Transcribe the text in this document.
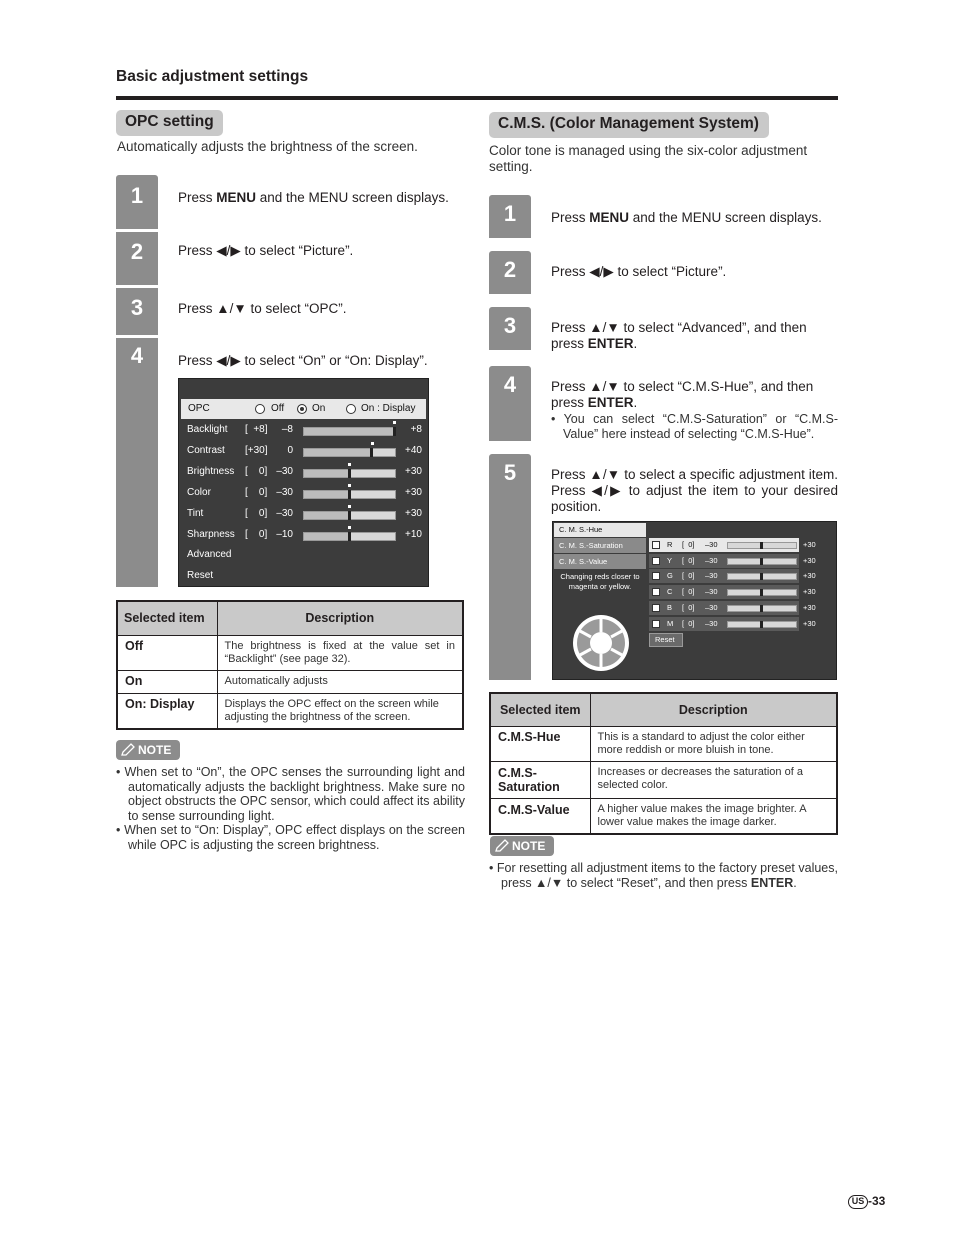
Basic adjustment settings
OPC setting
Automatically adjusts the brightness of the screen.
1
2
3
4
Press MENU and the MENU screen displays.
Press ◀/▶ to select “Picture”.
Press ▲/▼ to select “OPC”.
Press ◀/▶ to select “On” or “On: Display”.
OPC	Off	On	On : Display
Backlight [  +8]	–8	+8
Contrast [+30]	0	+40
Brightness [    0] –30	+30
Color	[    0] –30	+30
Tint	[    0] –30	+30
Sharpness [    0] –10	+10
Advanced
Reset
Selected item	Description
Off	The brightness is fixed at the value set in “Backlight” (see page 32).
On	Automatically adjusts
On: Display	Displays the OPC effect on the screen while adjusting the brightness of the screen.
NOTE
• When set to “On”, the OPC senses the surrounding light and automatically adjusts the backlight brightness. Make sure no object obstructs the OPC sensor, which could affect its ability to sense surrounding light.
• When set to “On: Display”, OPC effect displays on the screen while OPC is adjusting the screen brightness.
C.M.S. (Color Management System)
Color tone is managed using the six-color adjustment setting.
1
2
3
4
5
Press MENU and the MENU screen displays.
Press ◀/▶ to select “Picture”.
Press ▲/▼ to select “Advanced”, and then press ENTER.
Press ▲/▼ to select “C.M.S-Hue”, and then press ENTER.
• You can select “C.M.S-Saturation” or “C.M.S-Value” here instead of selecting “C.M.S-Hue”.
Press ▲/▼ to select a specific adjustment item. Press ◀/▶ to adjust the item to your desired position.
C. M. S.-Hue
C. M. S.-Saturation
C. M. S.-Value
Changing reds closer to magenta or yellow.
R [  0] –30	+30
Y [  0] –30	+30
G [  0] –30	+30
C [  0] –30	+30
B [  0] –30	+30
M [  0] –30	+30
Reset
Selected item	Description
C.M.S-Hue	This is a standard to adjust the color either more reddish or more bluish in tone.
C.M.S-Saturation	Increases or decreases the saturation of a selected color.
C.M.S-Value	A higher value makes the image brighter. A lower value makes the image darker.
NOTE
• For resetting all adjustment items to the factory preset values, press ▲/▼ to select “Reset”, and then press ENTER.
US -33
